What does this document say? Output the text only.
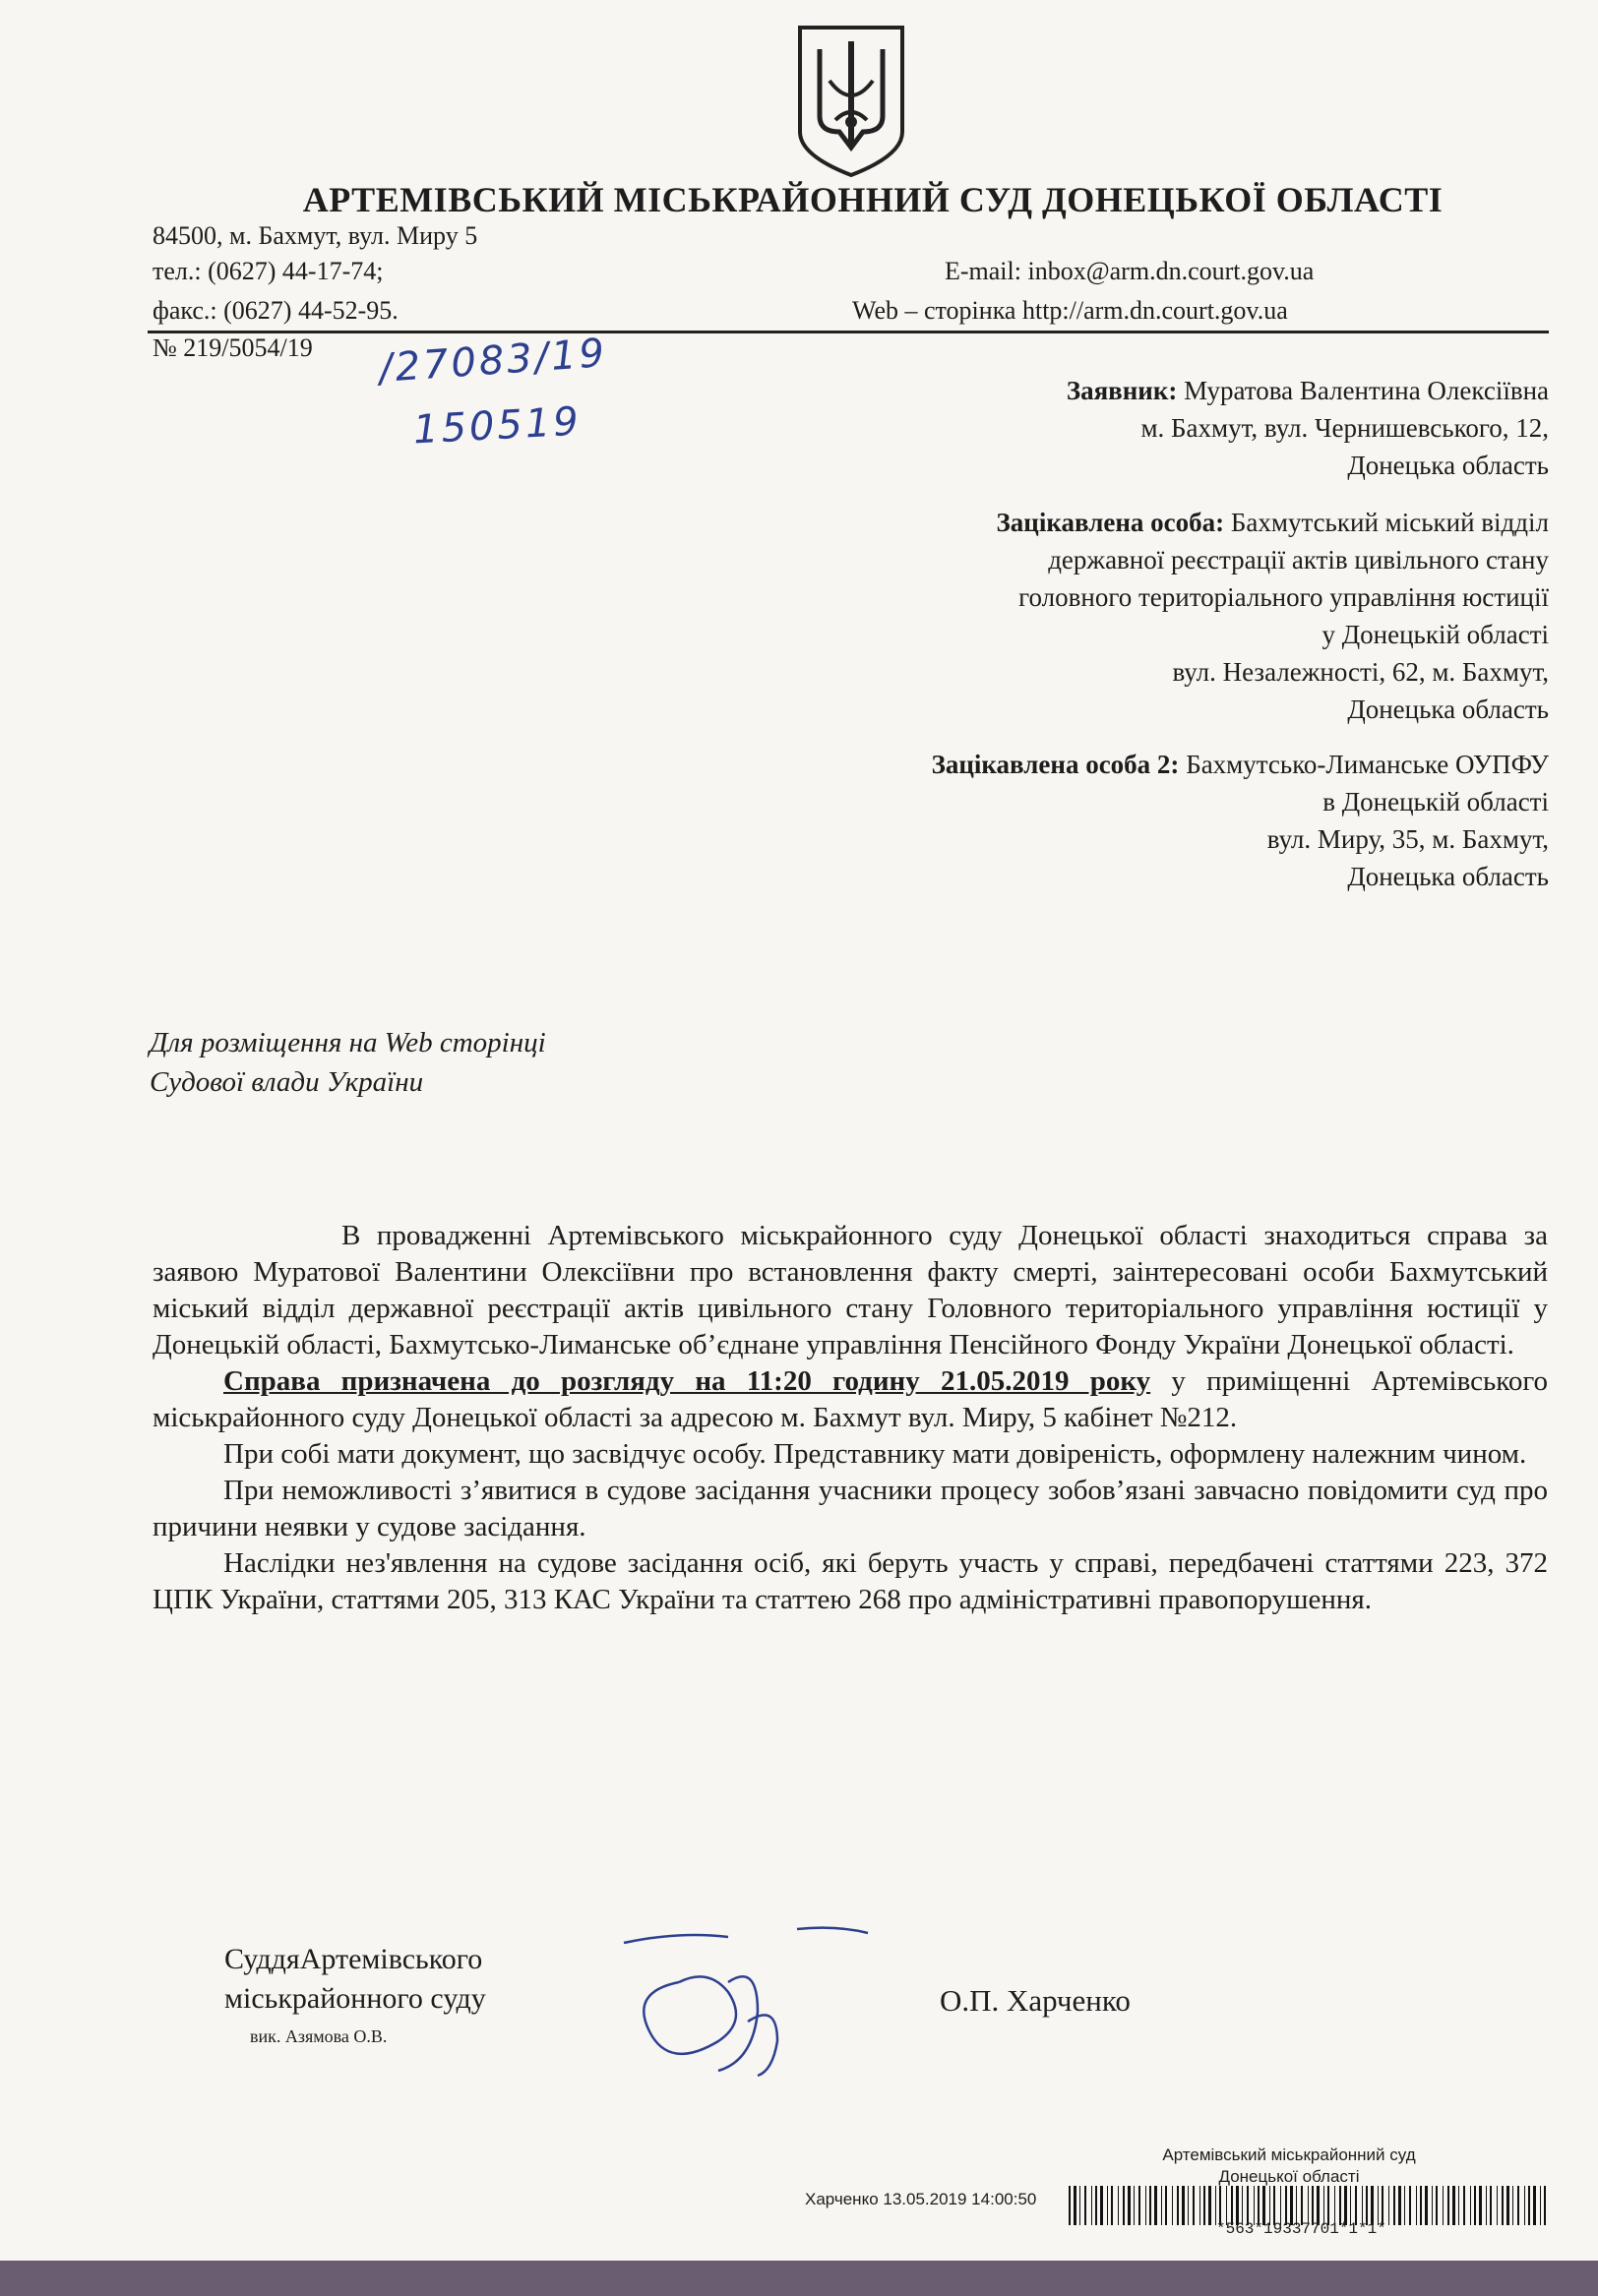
АРТЕМІВСЬКИЙ МІСЬКРАЙОННИЙ СУД ДОНЕЦЬКОЇ ОБЛАСТІ
84500, м. Бахмут, вул. Миру 5
тел.: (0627) 44-17-74;
факс.: (0627) 44-52-95.
E-mail: inbox@arm.dn.court.gov.ua
Web – сторінка http://arm.dn.court.gov.ua
№ 219/5054/19 /27083/19
150519
Заявник: Муратова Валентина Олексіївна
м. Бахмут, вул. Чернишевського, 12,
Донецька область
Зацікавлена особа: Бахмутський міський відділ
державної реєстрації актів цивільного стану
головного територіального управління юстиції
у Донецькій області
вул. Незалежності, 62, м. Бахмут,
Донецька область
Зацікавлена особа 2: Бахмутсько-Лиманське ОУПФУ
в Донецькій області
вул. Миру, 35, м. Бахмут,
Донецька область
Для розміщення на Web сторінці
Судової влади України

В провадженні Артемівського міськрайонного суду Донецької області знаходиться справа за заявою Муратової Валентини Олексіївни про встановлення факту смерті, заінтересовані особи Бахмутський міський відділ державної реєстрації актів цивільного стану Головного територіального управління юстиції у Донецькій області, Бахмутсько-Лиманське об’єднане управління Пенсійного Фонду України Донецької області.

Справа призначена до розгляду на 11:20 годину 21.05.2019 року у приміщенні Артемівського міськрайонного суду Донецької області за адресою м. Бахмут вул. Миру, 5 кабінет №212.

При собі мати документ, що засвідчує особу. Представнику мати довіреність, оформлену належним чином.

При неможливості з’явитися в судове засідання учасники процесу зобов’язані завчасно повідомити суд про причини неявки у судове засідання.

Наслідки нез'явлення на судове засідання осіб, які беруть участь у справі, передбачені статтями 223, 372 ЦПК України, статтями 205, 313 КАС України та статтею 268 про адміністративні правопорушення.

СуддяАртемівського
міськрайонного суду
вик. Азямова О.В.
О.П. Харченко
Артемівський міськрайонний суд
Донецької області
Харченко 13.05.2019 14:00:50
*563*19337701*1*1*
